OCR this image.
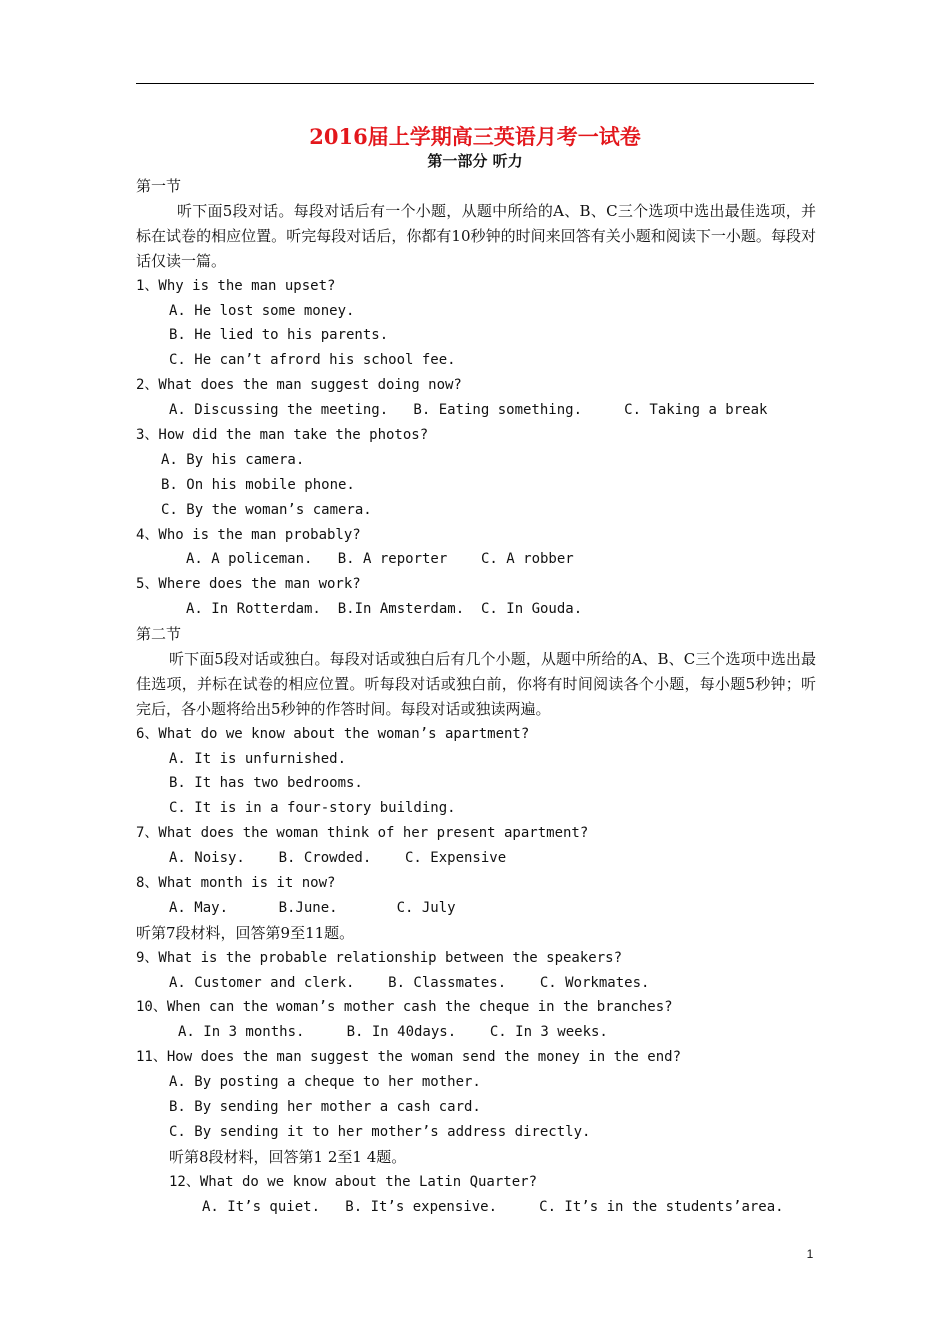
2016届上学期高三英语月考一试卷
第一部分 听力
第一节
听下面5段对话。每段对话后有一个小题，从题中所给的A、B、C三个选项中选出最佳选项，并标在试卷的相应位置。听完每段对话后，你都有10秒钟的时间来回答有关小题和阅读下一小题。每段对话仅读一篇。
1、Why is the man upset?
A. He lost some money.
B. He lied to his parents.
C. He can’t afrord his school fee.
2、What does the man suggest doing now?
A. Discussing the meeting.   B. Eating something.     C. Taking a break
3、How did the man take the photos?
A. By his camera.
B. On his mobile phone.
C. By the woman’s camera.
4、Who is the man probably?
A. A policeman.   B. A reporter    C. A robber
5、Where does the man work?
A. In Rotterdam.  B.In Amsterdam.  C. In Gouda.
第二节
听下面5段对话或独白。每段对话或独白后有几个小题，从题中所给的A、B、C三个选项中选出最佳选项，并标在试卷的相应位置。听每段对话或独白前，你将有时间阅读各个小题，每小题5秒钟；听完后，各小题将给出5秒钟的作答时间。每段对话或独读两遍。
6、What do we know about the woman’s apartment?
A. It is unfurnished.
B. It has two bedrooms.
C. It is in a four-story building.
7、What does the woman think of her present apartment?
A. Noisy.    B. Crowded.    C. Expensive
8、What month is it now?
A. May.      B.June.       C. July
听第7段材料，回答第9至11题。
9、What is the probable relationship between the speakers?
A. Customer and clerk.    B. Classmates.    C. Workmates.
10、When can the woman’s mother cash the cheque in the branches?
A. In 3 months.     B. In 40days.    C. In 3 weeks.
11、How does the man suggest the woman send the money in the end?
A. By posting a cheque to her mother.
B. By sending her mother a cash card.
C. By sending it to her mother’s address directly.
听第8段材料，回答第1 2至1 4题。
12、What do we know about the Latin Quarter?
A. It’s quiet.   B. It’s expensive.     C. It’s in the students’area.
1
